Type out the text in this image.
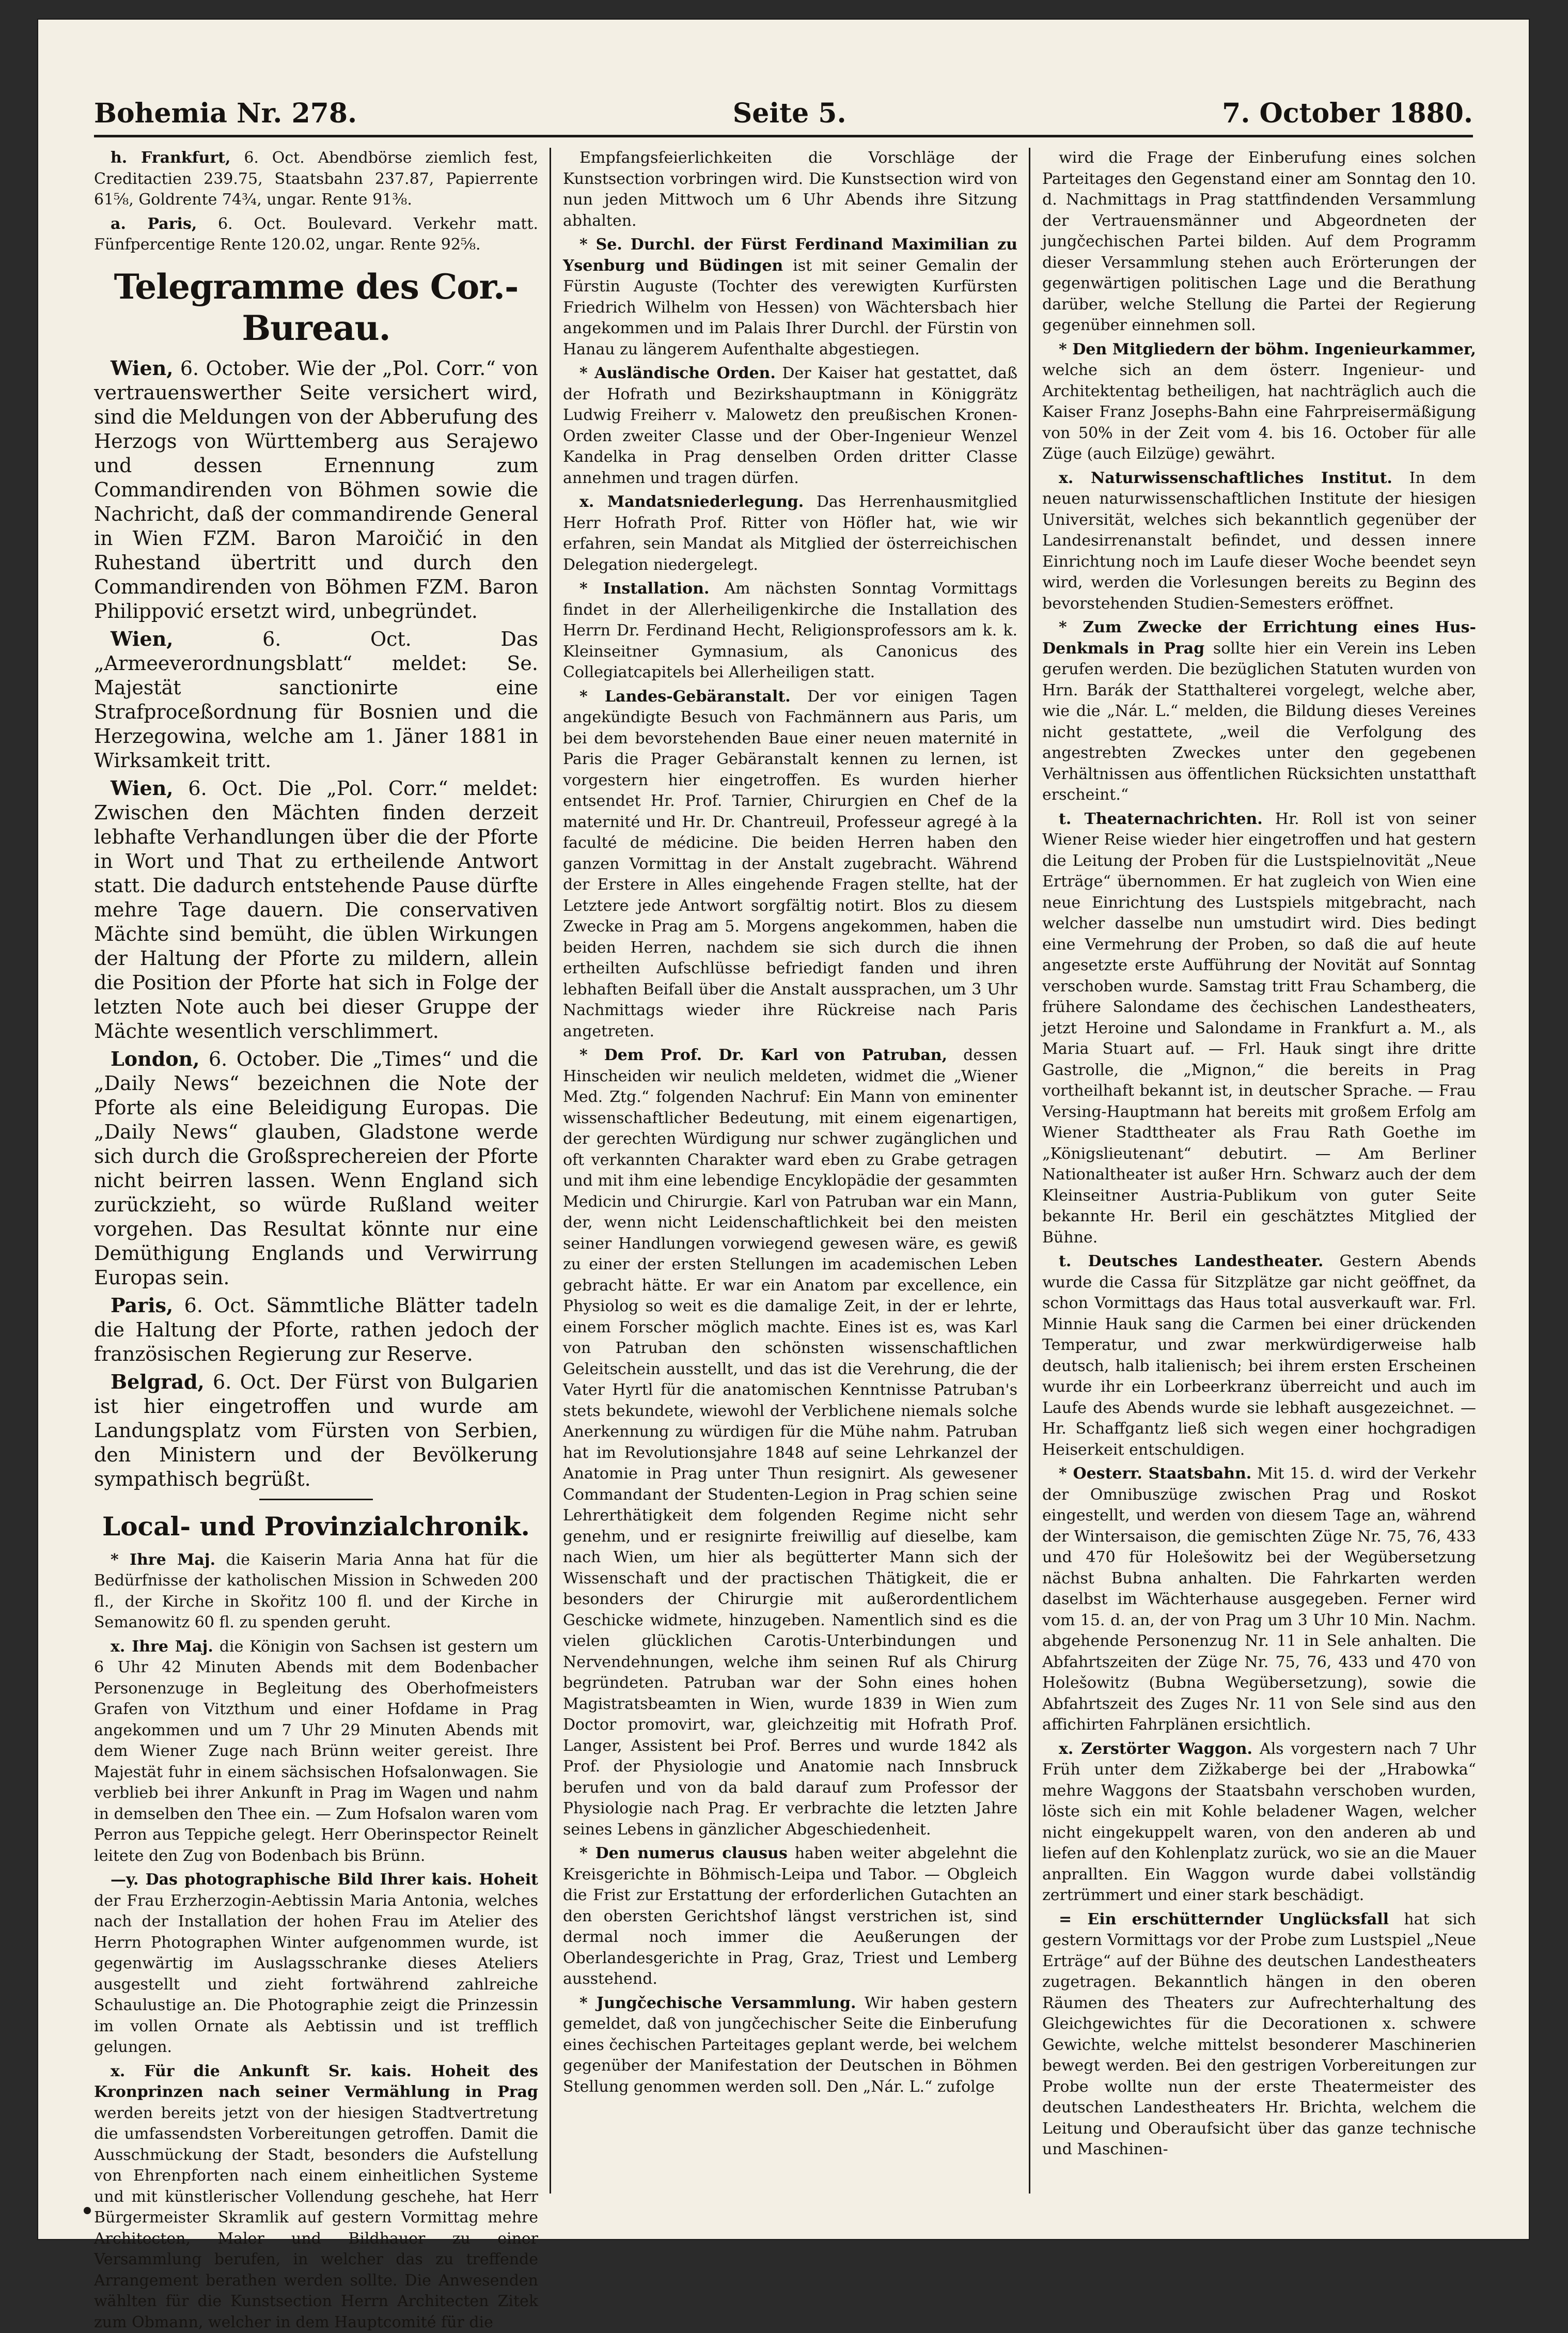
Bohemia Nr. 278.	Seite 5.	7. October 1880.

h. Frankfurt, 6. Oct. Abendbörse ziemlich fest, Creditactien 239.75, Staatsbahn 237.87, Papierrente 61⅝, Goldrente 74¾, ungar. Rente 91⅜.

a. Paris, 6. Oct. Boulevard. Verkehr matt. Fünfpercentige Rente 120.02, ungar. Rente 92⅝.

Telegramme des Cor.-Bureau.

Wien, 6. October. Wie der „Pol. Corr.“ von vertrauenswerther Seite versichert wird, sind die Meldungen von der Abberufung des Herzogs von Württemberg aus Serajewo und dessen Ernennung zum Commandirenden von Böhmen sowie die Nachricht, daß der commandirende General in Wien FZM. Baron Maroičić in den Ruhestand übertritt und durch den Commandirenden von Böhmen FZM. Baron Philippović ersetzt wird, unbegründet.

Wien,	6. Oct. Das „Armeeverordnungsblatt“ meldet: Se. Majestät sanctionirte eine Strafproceßordnung für Bosnien und die Herzegowina, welche am 1. Jäner 1881 in Wirksamkeit tritt.

Wien, 6. Oct. Die „Pol. Corr.“ meldet: Zwischen den Mächten finden derzeit lebhafte Verhandlungen über die der Pforte in Wort und That zu ertheilende Antwort statt. Die dadurch entstehende Pause dürfte mehre Tage dauern. Die conservativen Mächte sind bemüht, die üblen Wirkungen der Haltung der Pforte zu mildern, allein die Position der Pforte hat sich in Folge der letzten Note auch bei dieser Gruppe der Mächte wesentlich verschlimmert.

London, 6. October. Die „Times“ und die „Daily News“ bezeichnen die Note der Pforte als eine Beleidigung Europas. Die „Daily News“ glauben, Gladstone werde sich durch die Großsprechereien der Pforte nicht beirren lassen. Wenn England sich zurückzieht, so würde Rußland weiter vorgehen. Das Resultat könnte nur eine Demüthigung Englands und Verwirrung Europas sein.

Paris, 6. Oct. Sämmtliche Blätter tadeln die Haltung der Pforte, rathen jedoch der französischen Regierung zur Reserve.

Belgrad, 6. Oct. Der Fürst von Bulgarien ist hier eingetroffen und wurde am Landungsplatz vom Fürsten von Serbien, den Ministern und der Bevölkerung sympathisch begrüßt.

Local- und Provinzialchronik.

* Ihre Maj. die Kaiserin Maria Anna hat für die Bedürfnisse der katholischen Mission in Schweden 200 fl., der Kirche in Skořitz 100 fl. und der Kirche in Semanowitz 60 fl. zu spenden geruht.

x. Ihre Maj. die Königin von Sachsen ist gestern um 6 Uhr 42 Minuten Abends mit dem Bodenbacher Personenzuge in Begleitung des Oberhofmeisters Grafen von Vitzthum und einer Hofdame in Prag angekommen und um 7 Uhr 29 Minuten Abends mit dem Wiener Zuge nach Brünn weiter gereist. Ihre Majestät fuhr in einem sächsischen Hofsalonwagen. Sie verblieb bei ihrer Ankunft in Prag im Wagen und nahm in demselben den Thee ein. — Zum Hofsalon waren vom Perron aus Teppiche gelegt. Herr Oberinspector Reinelt leitete den Zug von Bodenbach bis Brünn.

—y. Das photographische Bild Ihrer kais. Hoheit der Frau Erzherzogin-Aebtissin Maria Antonia, welches nach der Installation der hohen Frau im Atelier des Herrn Photographen Winter aufgenommen wurde, ist gegenwärtig im Auslagsschranke dieses Ateliers ausgestellt und zieht fortwährend zahlreiche Schaulustige an. Die Photographie zeigt die Prinzessin im vollen Ornate als Aebtissin und ist trefflich gelungen.

x. Für die Ankunft Sr. kais. Hoheit des Kronprinzen nach seiner Vermählung in Prag werden bereits jetzt von der hiesigen Stadtvertretung die umfassendsten Vorbereitungen getroffen. Damit die Ausschmückung der Stadt, besonders die Aufstellung von Ehrenpforten nach einem einheitlichen Systeme und mit künstlerischer Vollendung geschehe, hat Herr Bürgermeister Skramlik auf gestern Vormittag mehre Architecten, Maler und Bildhauer zu einer Versammlung berufen, in welcher das zu treffende Arrangement berathen werden sollte. Die Anwesenden wählten für die Kunstsection Herrn Architecten Zitek zum Obmann, welcher in dem Hauptcomité für die

Empfangsfeierlichkeiten die Vorschläge der Kunstsection vorbringen wird. Die Kunstsection wird von nun jeden Mittwoch um 6 Uhr Abends ihre Sitzung abhalten.

* Se. Durchl. der Fürst Ferdinand Maximilian zu Ysenburg und Büdingen ist mit seiner Gemalin der Fürstin Auguste (Tochter des verewigten Kurfürsten Friedrich Wilhelm von Hessen) von Wächtersbach hier angekommen und im Palais Ihrer Durchl. der Fürstin von Hanau zu längerem Aufenthalte abgestiegen.

* Ausländische Orden. Der Kaiser hat gestattet, daß der Hofrath und Bezirkshauptmann in Königgrätz Ludwig Freiherr v. Malowetz den preußischen Kronen-Orden zweiter Classe und der Ober-Ingenieur Wenzel Kandelka in Prag denselben Orden dritter Classe annehmen und tragen dürfen.

x. Mandatsniederlegung. Das Herrenhausmitglied Herr Hofrath Prof. Ritter von Höfler hat, wie wir erfahren, sein Mandat als Mitglied der österreichischen Delegation niedergelegt.

* Installation. Am nächsten Sonntag Vormittags findet in der Allerheiligenkirche die Installation des Herrn Dr. Ferdinand Hecht, Religionsprofessors am k. k. Kleinseitner Gymnasium, als Canonicus des Collegiatcapitels bei Allerheiligen statt.

* Landes-Gebäranstalt. Der vor einigen Tagen angekündigte Besuch von Fachmännern aus Paris, um bei dem bevorstehenden Baue einer neuen maternité in Paris die Prager Gebäranstalt kennen zu lernen, ist vorgestern hier eingetroffen. Es wurden hierher entsendet Hr. Prof. Tarnier, Chirurgien en Chef de la maternité und Hr. Dr. Chantreuil, Professeur agregé à la faculté de médicine. Die beiden Herren haben den ganzen Vormittag in der Anstalt zugebracht. Während der Erstere in Alles eingehende Fragen stellte, hat der Letztere jede Antwort sorgfältig notirt. Blos zu diesem Zwecke in Prag am 5. Morgens angekommen, haben die beiden Herren, nachdem sie sich durch die ihnen ertheilten Aufschlüsse befriedigt fanden und ihren lebhaften Beifall über die Anstalt aussprachen, um 3 Uhr Nachmittags wieder ihre Rückreise nach Paris angetreten.

* Dem Prof. Dr. Karl von Patruban, dessen Hinscheiden wir neulich meldeten, widmet die „Wiener Med. Ztg.“ folgenden Nachruf: Ein Mann von eminenter wissenschaftlicher Bedeutung, mit einem eigenartigen, der gerechten Würdigung nur schwer zugänglichen und oft verkannten Charakter ward eben zu Grabe getragen und mit ihm eine lebendige Encyklopädie der gesammten Medicin und Chirurgie. Karl von Patruban war ein Mann, der, wenn nicht Leidenschaftlichkeit bei den meisten seiner Handlungen vorwiegend gewesen wäre, es gewiß zu einer der ersten Stellungen im academischen Leben gebracht hätte. Er war ein Anatom par excellence, ein Physiolog so weit es die damalige Zeit, in der er lehrte, einem Forscher möglich machte. Eines ist es, was Karl von Patruban den schönsten wissenschaftlichen Geleitschein ausstellt, und das ist die Verehrung, die der Vater Hyrtl für die anatomischen Kenntnisse Patruban's stets bekundete, wiewohl der Verblichene niemals solche Anerkennung zu würdigen für die Mühe nahm. Patruban hat im Revolutionsjahre 1848 auf seine Lehrkanzel der Anatomie in Prag unter Thun resignirt. Als gewesener Commandant der Studenten-Legion in Prag schien seine Lehrerthätigkeit dem folgenden Regime nicht sehr genehm, und er resignirte freiwillig auf dieselbe, kam nach Wien, um hier als begütterter Mann sich der Wissenschaft und der practischen Thätigkeit, die er besonders der Chirurgie mit außerordentlichem Geschicke widmete, hinzugeben. Namentlich sind es die vielen glücklichen Carotis-Unterbindungen und Nervendehnungen, welche ihm seinen Ruf als Chirurg begründeten. Patruban war der Sohn eines hohen Magistratsbeamten in Wien, wurde 1839 in Wien zum Doctor promovirt, war, gleichzeitig mit Hofrath Prof. Langer, Assistent bei Prof. Berres und wurde 1842 als Prof. der Physiologie und Anatomie nach Innsbruck berufen und von da bald darauf zum Professor der Physiologie nach Prag. Er verbrachte die letzten Jahre seines Lebens in gänzlicher Abgeschiedenheit.

* Den numerus clausus haben weiter abgelehnt die Kreisgerichte in Böhmisch-Leipa und Tabor. — Obgleich die Frist zur Erstattung der erforderlichen Gutachten an den obersten Gerichtshof längst verstrichen ist, sind dermal noch immer die Aeußerungen der Oberlandesgerichte in Prag, Graz, Triest und Lemberg ausstehend.

* Jungčechische Versammlung. Wir haben gestern gemeldet, daß von jungčechischer Seite die Einberufung eines čechischen Parteitages geplant werde, bei welchem gegenüber der Manifestation der Deutschen in Böhmen Stellung genommen werden soll. Den „Nár. L.“ zufolge

wird die Frage der Einberufung eines solchen Parteitages den Gegenstand einer am Sonntag den 10. d. Nachmittags in Prag stattfindenden Versammlung der Vertrauensmänner und Abgeordneten der jungčechischen Partei bilden. Auf dem Programm dieser Versammlung stehen auch Erörterungen der gegenwärtigen politischen Lage und die Berathung darüber, welche Stellung die Partei der Regierung gegenüber einnehmen soll.

* Den Mitgliedern der böhm. Ingenieurkammer, welche sich an dem österr. Ingenieur- und Architektentag betheiligen, hat nachträglich auch die Kaiser Franz Josephs-Bahn eine Fahrpreisermäßigung von 50% in der Zeit vom 4. bis 16. October für alle Züge (auch Eilzüge) gewährt.

x. Naturwissenschaftliches Institut. In dem neuen naturwissenschaftlichen Institute der hiesigen Universität, welches sich bekanntlich gegenüber der Landesirrenanstalt befindet, und dessen innere Einrichtung noch im Laufe dieser Woche beendet seyn wird, werden die Vorlesungen bereits zu Beginn des bevorstehenden Studien-Semesters eröffnet.

* Zum Zwecke der Errichtung eines Hus-Denkmals in Prag sollte hier ein Verein ins Leben gerufen werden. Die bezüglichen Statuten wurden von Hrn. Barák der Statthalterei vorgelegt, welche aber, wie die „Nár. L.“ melden, die Bildung dieses Vereines nicht gestattete, „weil die Verfolgung des angestrebten Zweckes unter den gegebenen Verhältnissen aus öffentlichen Rücksichten unstatthaft erscheint.“

t. Theaternachrichten. Hr. Roll ist von seiner Wiener Reise wieder hier eingetroffen und hat gestern die Leitung der Proben für die Lustspielnovität „Neue Erträge“ übernommen. Er hat zugleich von Wien eine neue Einrichtung des Lustspiels mitgebracht, nach welcher dasselbe nun umstudirt wird. Dies bedingt eine Vermehrung der Proben, so daß die auf heute angesetzte erste Aufführung der Novität auf Sonntag verschoben wurde. Samstag tritt Frau Schamberg, die frühere Salondame des čechischen Landestheaters, jetzt Heroine und Salondame in Frankfurt a. M., als Maria Stuart auf. — Frl. Hauk singt ihre dritte Gastrolle, die „Mignon,“ die bereits in Prag vortheilhaft bekannt ist, in deutscher Sprache. — Frau Versing-Hauptmann hat bereits mit großem Erfolg am Wiener Stadttheater als Frau Rath Goethe im „Königslieutenant“ debutirt. — Am Berliner Nationaltheater ist außer Hrn. Schwarz auch der dem Kleinseitner Austria-Publikum von guter Seite bekannte Hr. Beril ein geschätztes Mitglied der Bühne.

t. Deutsches Landestheater. Gestern Abends wurde die Cassa für Sitzplätze gar nicht geöffnet, da schon Vormittags das Haus total ausverkauft war. Frl. Minnie Hauk sang die Carmen bei einer drückenden Temperatur, und zwar merkwürdigerweise halb deutsch, halb italienisch; bei ihrem ersten Erscheinen wurde ihr ein Lorbeerkranz überreicht und auch im Laufe des Abends wurde sie lebhaft ausgezeichnet. — Hr. Schaffgantz ließ sich wegen einer hochgradigen Heiserkeit entschuldigen.

* Oesterr. Staatsbahn. Mit 15. d. wird der Verkehr der Omnibuszüge zwischen Prag und Roskot eingestellt, und werden von diesem Tage an, während der Wintersaison, die gemischten Züge Nr. 75, 76, 433 und 470 für Holešowitz bei der Wegübersetzung nächst Bubna anhalten. Die Fahrkarten werden daselbst im Wächterhause ausgegeben. Ferner wird vom 15. d. an, der von Prag um 3 Uhr 10 Min. Nachm. abgehende Personenzug Nr. 11 in Sele anhalten. Die Abfahrtszeiten der Züge Nr. 75, 76, 433 und 470 von Holešowitz (Bubna Wegübersetzung), sowie die Abfahrtszeit des Zuges Nr. 11 von Sele sind aus den affichirten Fahrplänen ersichtlich.

x. Zerstörter Waggon. Als vorgestern nach 7 Uhr Früh unter dem Zižkaberge bei der „Hrabowka“ mehre Waggons der Staatsbahn verschoben wurden, löste sich ein mit Kohle beladener Wagen, welcher nicht eingekuppelt waren, von den anderen ab und liefen auf den Kohlenplatz zurück, wo sie an die Mauer anprallten. Ein Waggon wurde dabei vollständig zertrümmert und einer stark beschädigt.

= Ein erschütternder Unglücksfall hat sich gestern Vormittags vor der Probe zum Lustspiel „Neue Erträge“ auf der Bühne des deutschen Landestheaters zugetragen. Bekanntlich hängen in den oberen Räumen des Theaters zur Aufrechterhaltung des Gleichgewichtes für die Decorationen x. schwere Gewichte, welche mittelst besonderer Maschinerien bewegt werden. Bei den gestrigen Vorbereitungen zur Probe wollte nun der erste Theatermeister des deutschen Landestheaters Hr. Brichta, welchem die Leitung und Oberaufsicht über das ganze technische und Maschinen-
